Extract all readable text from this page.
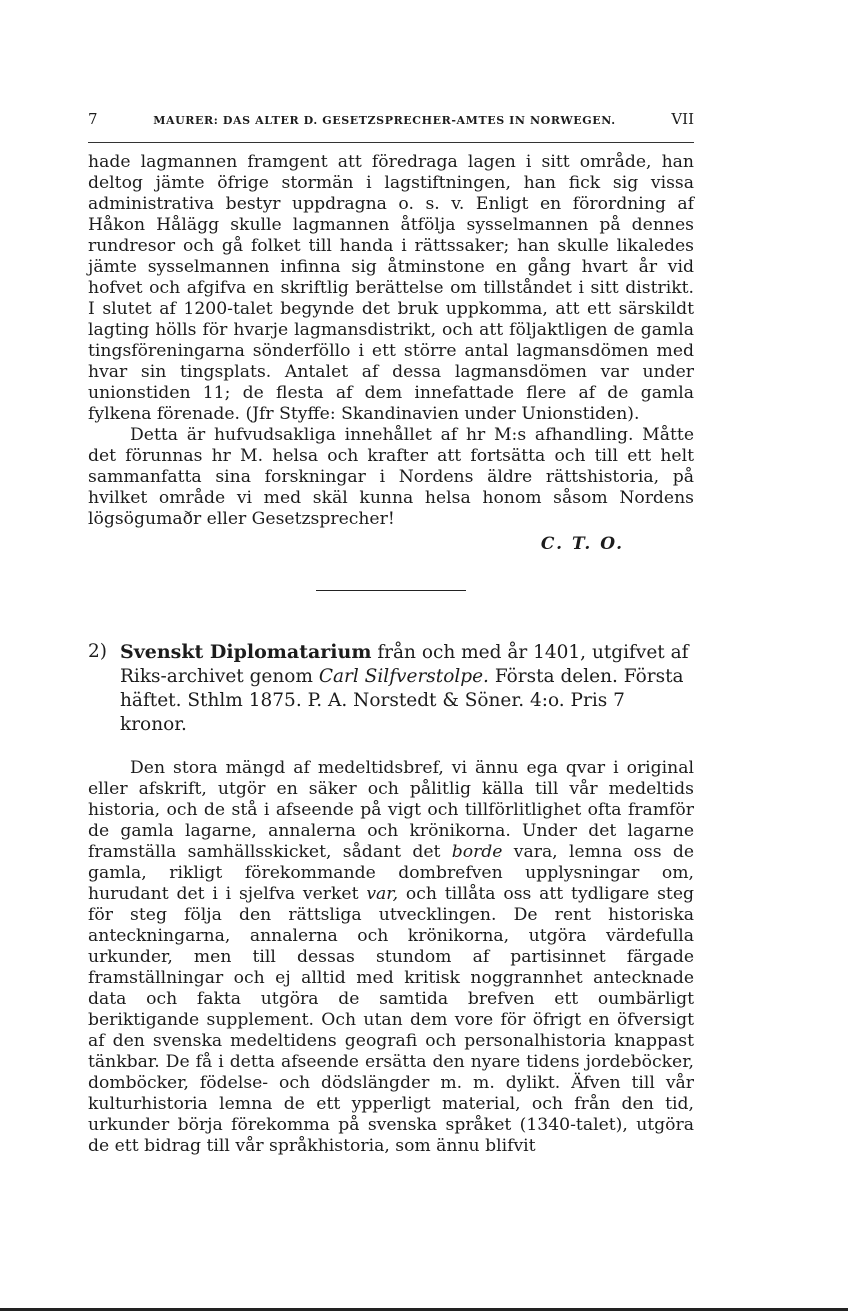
7	MAURER: DAS ALTER D. GESETZSPRECHER-AMTES IN NORWEGEN.	VII

hade lagmannen framgent att föredraga lagen i sitt område, han deltog jämte öfrige stormän i lagstiftningen, han fick sig vissa administrativa bestyr uppdragna o. s. v. Enligt en förordning af Håkon Hålägg skulle lagmannen åtfölja sysselmannen på dennes rundresor och gå folket till handa i rättssaker; han skulle likaledes jämte sysselmannen infinna sig åtminstone en gång hvart år vid hofvet och afgifva en skriftlig berättelse om tillståndet i sitt distrikt. I slutet af 1200-talet begynde det bruk uppkomma, att ett särskildt lagting hölls för hvarje lagmansdistrikt, och att följaktligen de gamla tingsföreningarna sönderföllo i ett större antal lagmansdömen med hvar sin tingsplats. Antalet af dessa lagmansdömen var under unionstiden 11; de flesta af dem innefattade flere af de gamla fylkena förenade. (Jfr Styffe: Skandinavien under Unionstiden).

Detta är hufvudsakliga innehållet af hr M:s afhandling. Måtte det förunnas hr M. helsa och krafter att fortsätta och till ett helt sammanfatta sina forskningar i Nordens äldre rättshistoria, på hvilket område vi med skäl kunna helsa honom såsom Nordens lögsögumaðr eller Gesetzsprecher!

C. T. O.
2) Svenskt Diplomatarium från och med år 1401, utgifvet af Riks-archivet genom Carl Silfverstolpe. Första delen. Första häftet. Sthlm 1875. P. A. Norstedt & Söner. 4:o. Pris 7 kronor.

Den stora mängd af medeltidsbref, vi ännu ega qvar i original eller afskrift, utgör en säker och pålitlig källa till vår medeltids historia, och de stå i afseende på vigt och tillförlitlighet ofta framför de gamla lagarne, annalerna och krönikorna. Under det lagarne framställa samhällsskicket, sådant det borde vara, lemna oss de gamla, rikligt förekommande dombrefven upplysningar om, hurudant det i i sjelfva verket var, och tillåta oss att tydligare steg för steg följa den rättsliga utvecklingen. De rent historiska anteckningarna, annalerna och krönikorna, utgöra värdefulla urkunder, men till dessas stundom af partisinnet färgade framställningar och ej alltid med kritisk noggrannhet antecknade data och fakta utgöra de samtida brefven ett oumbärligt beriktigande supplement. Och utan dem vore för öfrigt en öfversigt af den svenska medeltidens geografi och personalhistoria knappast tänkbar. De få i detta afseende ersätta den nyare tidens jordeböcker, domböcker, födelse- och dödslängder m. m. dylikt. Äfven till vår kulturhistoria lemna de ett ypperligt material, och från den tid, urkunder börja förekomma på svenska språket (1340-talet), utgöra de ett bidrag till vår språkhistoria, som ännu blifvit
